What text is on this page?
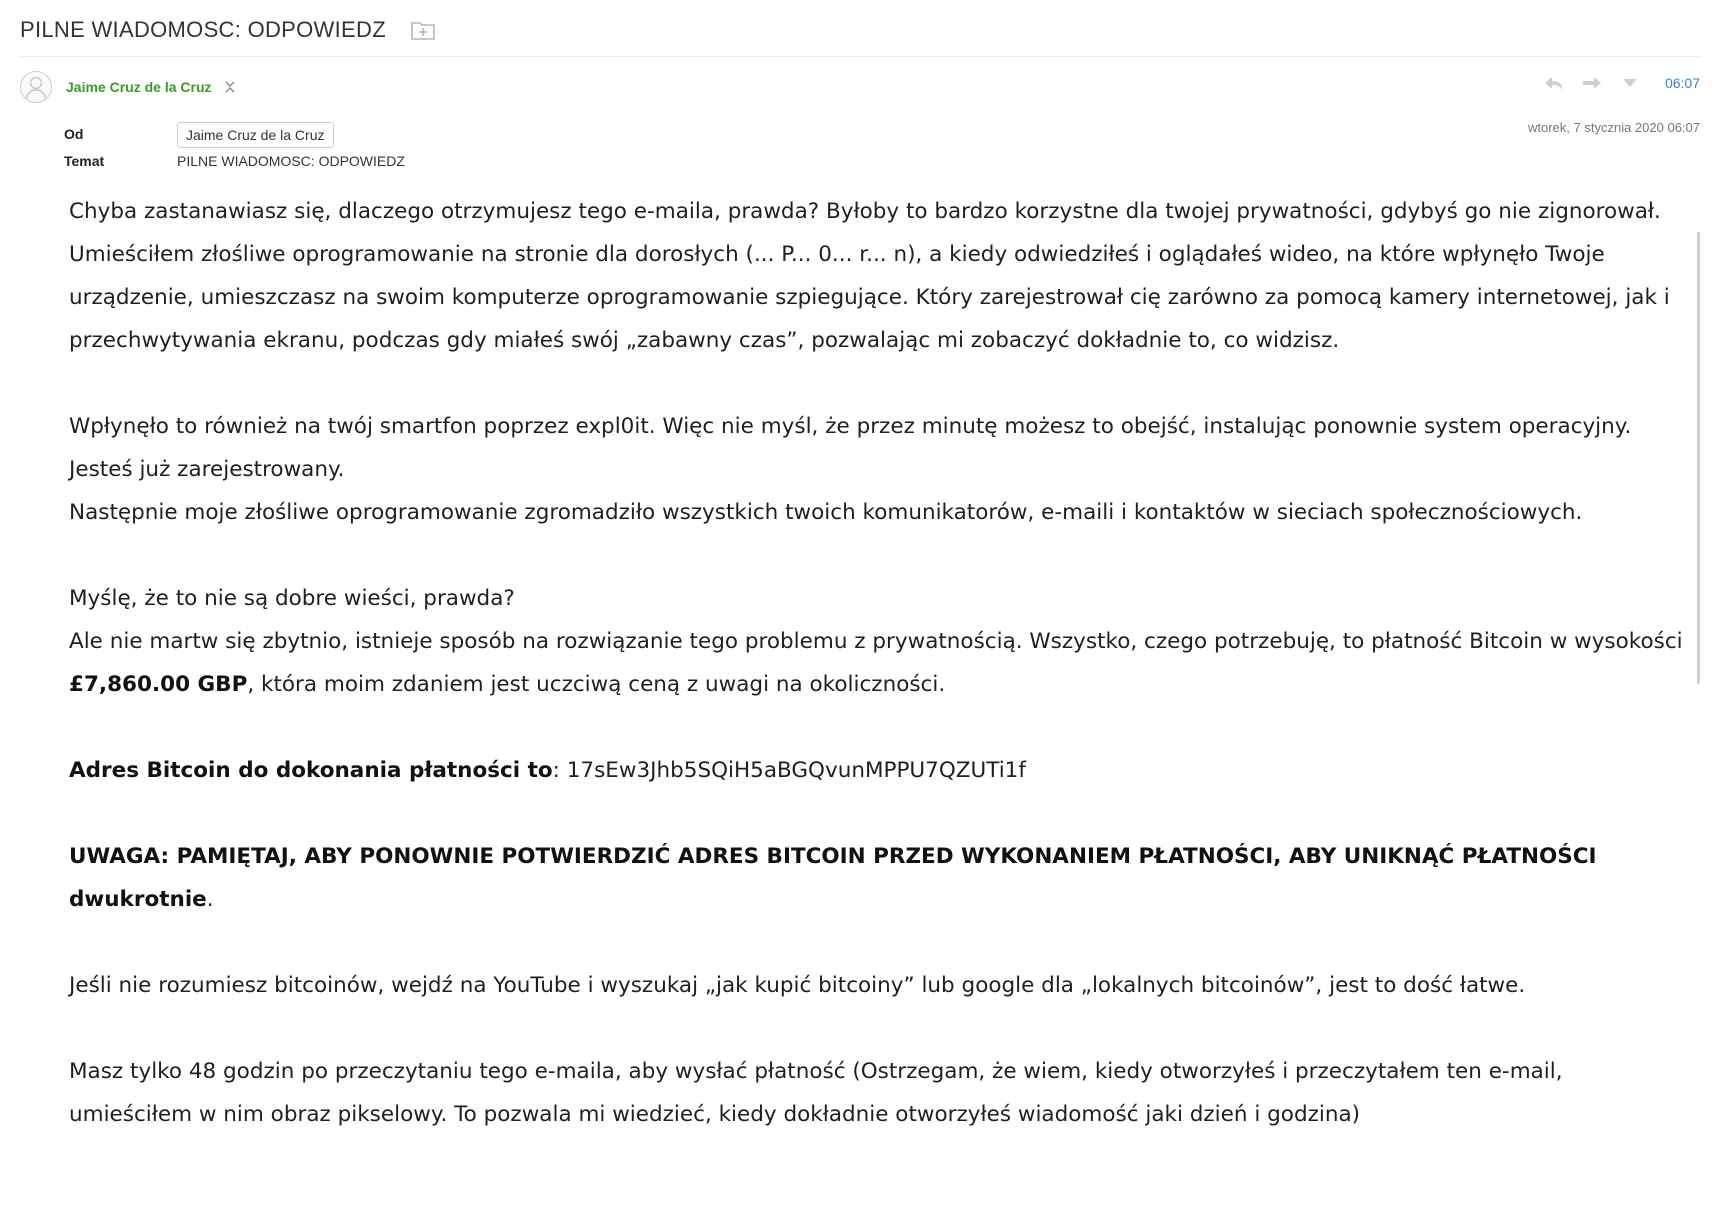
PILNE WIADOMOSC: ODPOWIEDZ
Jaime Cruz de la Cruz	06:07
Od	Jaime Cruz de la Cruz
Temat	PILNE WIADOMOSC: ODPOWIEDZ
wtorek, 7 stycznia 2020 06:07

Chyba zastanawiasz się, dlaczego otrzymujesz tego e-maila, prawda? Byłoby to bardzo korzystne dla twojej prywatności, gdybyś go nie zignorował.

Umieściłem złośliwe oprogramowanie na stronie dla dorosłych (... P... 0... r... n), a kiedy odwiedziłeś i oglądałeś wideo, na które wpłynęło Twoje urządzenie, umieszczasz na swoim komputerze oprogramowanie szpiegujące. Który zarejestrował cię zarówno za pomocą kamery internetowej, jak i przechwytywania ekranu, podczas gdy miałeś swój „zabawny czas”, pozwalając mi zobaczyć dokładnie to, co widzisz.

Wpłynęło to również na twój smartfon poprzez expl0it. Więc nie myśl, że przez minutę możesz to obejść, instalując ponownie system operacyjny. Jesteś już zarejestrowany.

Następnie moje złośliwe oprogramowanie zgromadziło wszystkich twoich komunikatorów, e-maili i kontaktów w sieciach społecznościowych.

Myślę, że to nie są dobre wieści, prawda?

Ale nie martw się zbytnio, istnieje sposób na rozwiązanie tego problemu z prywatnością. Wszystko, czego potrzebuję, to płatność Bitcoin w wysokości £7,860.00 GBP, która moim zdaniem jest uczciwą ceną z uwagi na okoliczności.

Adres Bitcoin do dokonania płatności to: 17sEw3Jhb5SQiH5aBGQvunMPPU7QZUTi1f

UWAGA: PAMIĘTAJ, ABY PONOWNIE POTWIERDZIĆ ADRES BITCOIN PRZED WYKONANIEM PŁATNOŚCI, ABY UNIKNĄĆ PŁATNOŚCI dwukrotnie.

Jeśli nie rozumiesz bitcoinów, wejdź na YouTube i wyszukaj „jak kupić bitcoiny” lub google dla „lokalnych bitcoinów”, jest to dość łatwe.

Masz tylko 48 godzin po przeczytaniu tego e-maila, aby wysłać płatność (Ostrzegam, że wiem, kiedy otworzyłeś i przeczytałem ten e-mail, umieściłem w nim obraz pikselowy. To pozwala mi wiedzieć, kiedy dokładnie otworzyłeś wiadomość jaki dzień i godzina)
